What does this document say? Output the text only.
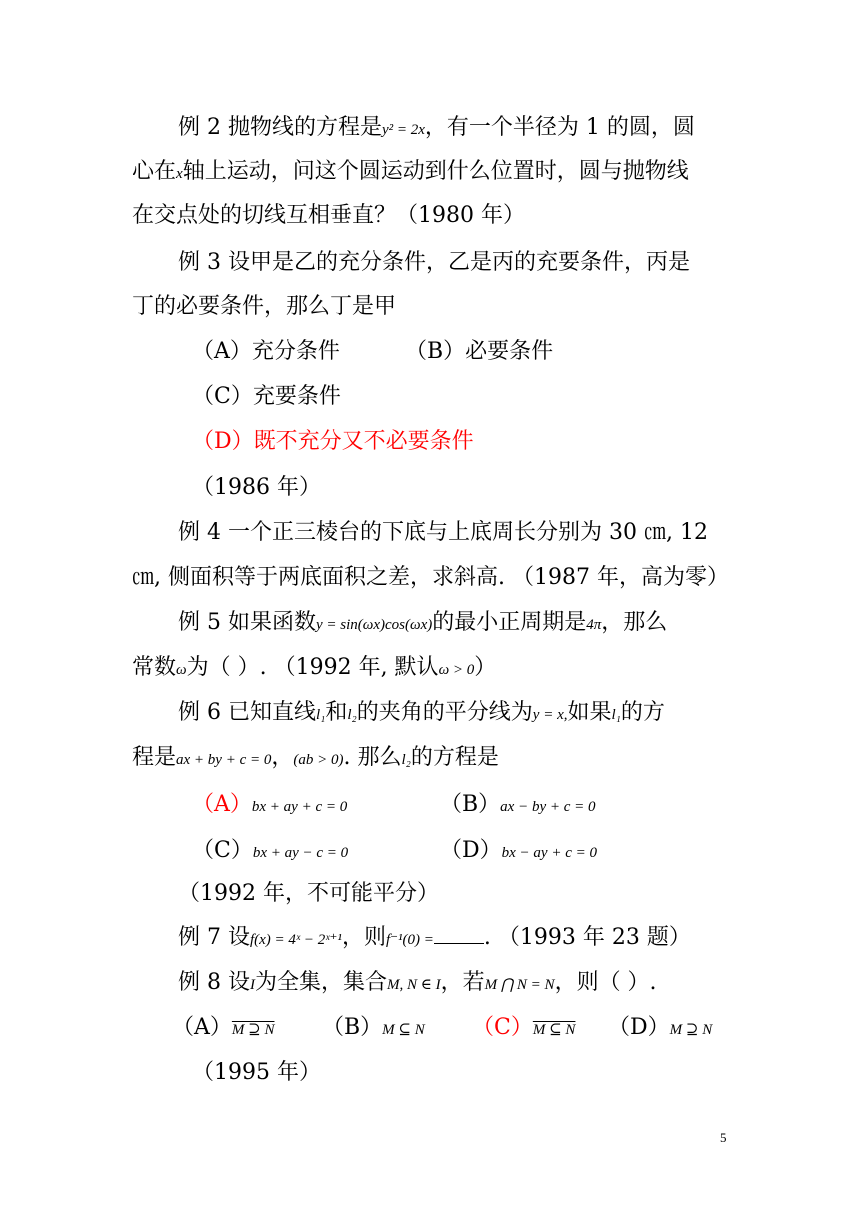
例 2 抛物线的方程是y² = 2x，有一个半径为 1 的圆，圆
心在x轴上运动，问这个圆运动到什么位置时，圆与抛物线
在交点处的切线互相垂直？（1980 年）
例 3 设甲是乙的充分条件，乙是丙的充要条件，丙是
丁的必要条件，那么丁是甲
（A）充分条件	（B）必要条件
（C）充要条件
（D）既不充分又不必要条件
（1986 年）
例 4 一个正三棱台的下底与上底周长分别为 30 ㎝, 12
㎝, 侧面积等于两底面积之差，求斜高. （1987 年，高为零）
例 5 如果函数y = sin(ωx)cos(ωx)的最小正周期是4π，那么
常数ω为（ ）. （1992 年, 默认ω > 0）
例 6 已知直线l₁和l₂的夹角的平分线为y = x,如果l₁的方
程是ax + by + c = 0，(ab > 0). 那么l₂的方程是
（A）bx + ay + c = 0	（B）ax − by + c = 0
（C）bx + ay − c = 0	（D）bx − ay + c = 0
（1992 年，不可能平分）
例 7 设f(x) = 4ˣ − 2ˣ⁺¹，则f⁻¹(0) = . （1993 年 23 题）
例 8 设I为全集，集合M, N ∈ I，若M ⋂ N = N，则（ ）.
（A）M ⊇ N （B）M ⊆ N （C）M ⊆ N （D）M ⊇ N
（1995 年）
5
